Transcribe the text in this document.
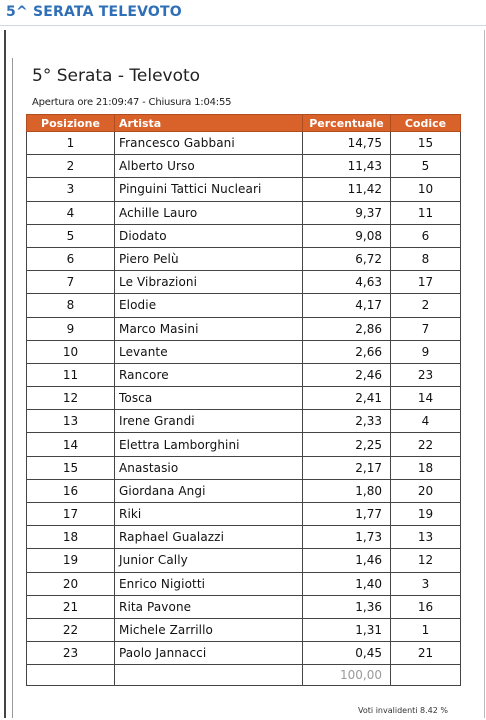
5^ SERATA TELEVOTO
5° Serata - Televoto
Apertura ore 21:09:47 - Chiusura 1:04:55
Posizione	Artista	Percentuale	Codice
1	Francesco Gabbani	14,75	15
2	Alberto Urso	11,43	5
3	Pinguini Tattici Nucleari	11,42	10
4	Achille Lauro	9,37	11
5	Diodato	9,08	6
6	Piero Pelù	6,72	8
7	Le Vibrazioni	4,63	17
8	Elodie	4,17	2
9	Marco Masini	2,86	7
10	Levante	2,66	9
11	Rancore	2,46	23
12	Tosca	2,41	14
13	Irene Grandi	2,33	4
14	Elettra Lamborghini	2,25	22
15	Anastasio	2,17	18
16	Giordana Angi	1,80	20
17	Riki	1,77	19
18	Raphael Gualazzi	1,73	13
19	Junior Cally	1,46	12
20	Enrico Nigiotti	1,40	3
21	Rita Pavone	1,36	16
22	Michele Zarrillo	1,31	1
23	Paolo Jannacci	0,45	21
		100,00	
Voti invalidenti 8.42 %
